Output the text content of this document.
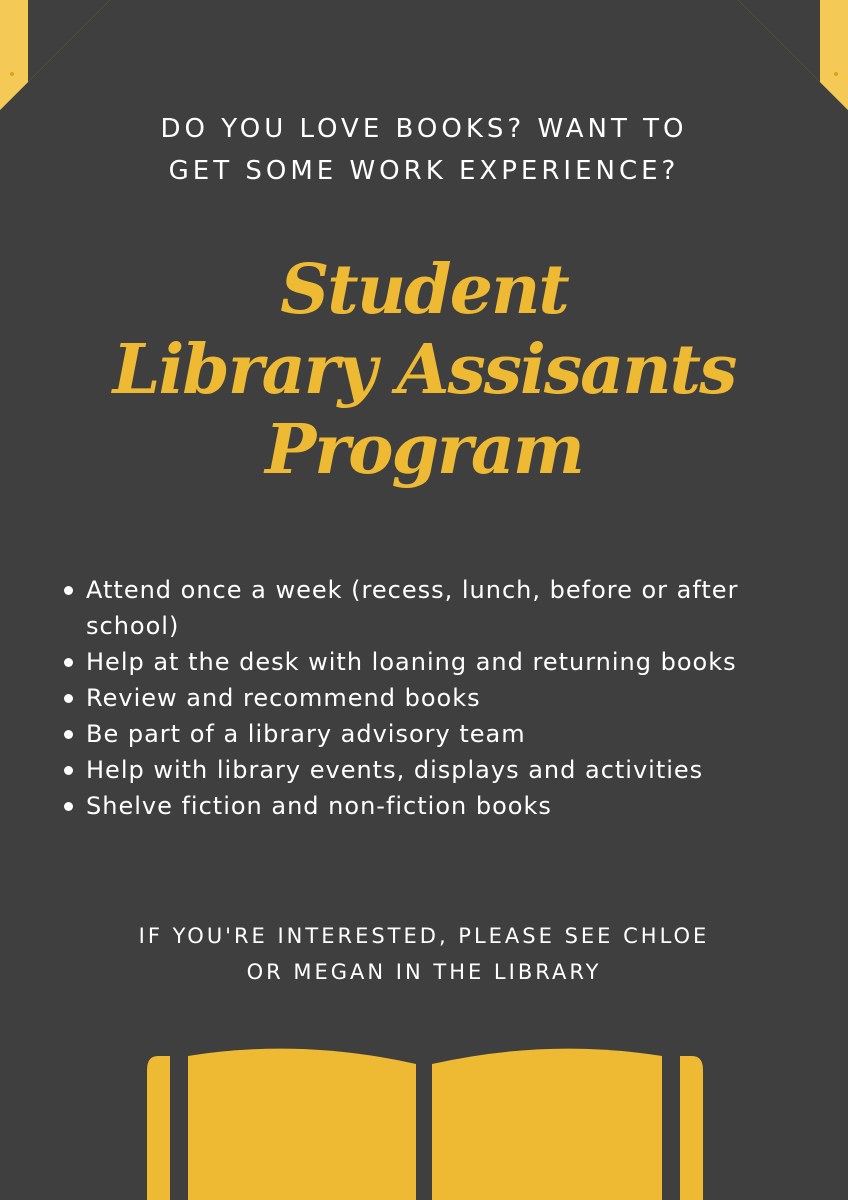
DO YOU LOVE BOOKS? WANT TO
GET SOME WORK EXPERIENCE?
Student
Library Assisants
Program
Attend once a week (recess, lunch, before or after school)
Help at the desk with loaning and returning books
Review and recommend books
Be part of a library advisory team
Help with library events, displays and activities
Shelve fiction and non-fiction books
IF YOU'RE INTERESTED, PLEASE SEE CHLOE
OR MEGAN IN THE LIBRARY
